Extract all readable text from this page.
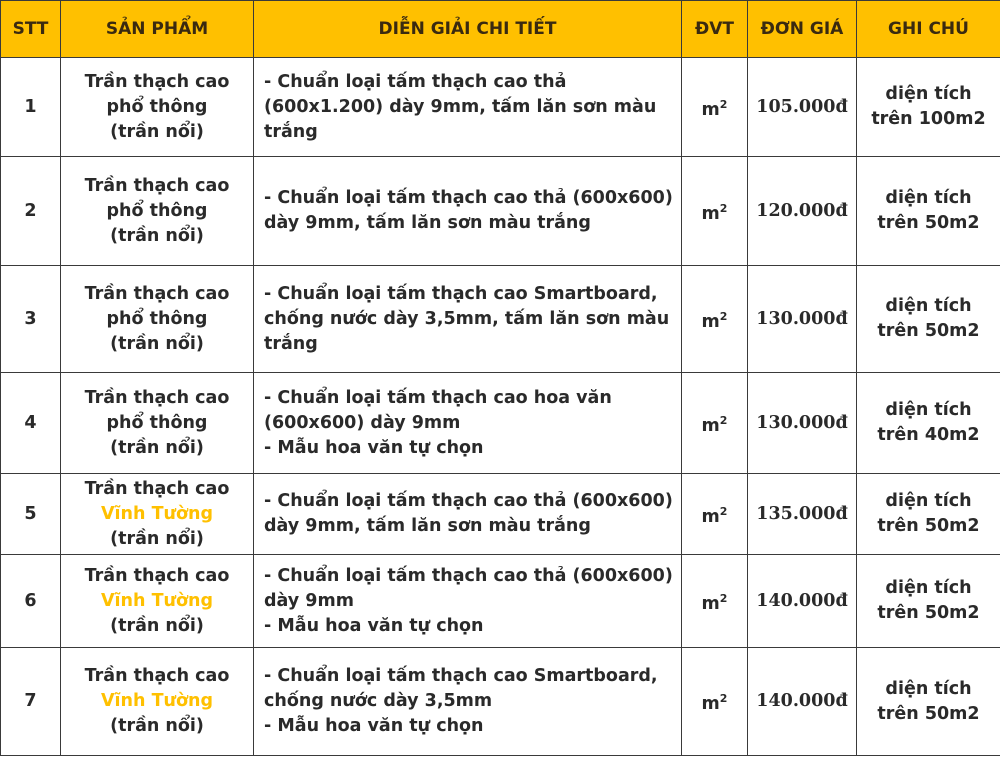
STT	SẢN PHẨM	DIỄN GIẢI CHI TIẾT	ĐVT	ĐƠN GIÁ	GHI CHÚ
1	Trần thạch cao
phổ thông
(trần nổi)	- Chuẩn loại tấm thạch cao thả (600x1.200) dày 9mm, tấm lăn sơn màu trắng	$m^2$	105.000đ	diện tích
trên 100m2

2	Trần thạch cao
phổ thông
(trần nổi)	- Chuẩn loại tấm thạch cao thả (600x600) dày 9mm, tấm lăn sơn màu trắng	$m^2$	120.000đ	diện tích
trên 50m2

3	Trần thạch cao
phổ thông
(trần nổi)	- Chuẩn loại tấm thạch cao Smartboard, chống nước dày 3,5mm, tấm lăn sơn màu trắng	$m^2$	130.000đ	diện tích
trên 50m2

4	Trần thạch cao
phổ thông
(trần nổi)	- Chuẩn loại tấm thạch cao hoa văn (600x600) dày 9mm
- Mẫu hoa văn tự chọn	$m^2$	130.000đ	diện tích
trên 40m2

5	Trần thạch cao
Vĩnh Tường
(trần nổi)	- Chuẩn loại tấm thạch cao thả (600x600) dày 9mm, tấm lăn sơn màu trắng	$m^2$	135.000đ	diện tích
trên 50m2

6	Trần thạch cao
Vĩnh Tường
(trần nổi)	- Chuẩn loại tấm thạch cao thả (600x600) dày 9mm
- Mẫu hoa văn tự chọn	$m^2$	140.000đ	diện tích
trên 50m2

7	Trần thạch cao
Vĩnh Tường
(trần nổi)	- Chuẩn loại tấm thạch cao Smartboard, chống nước dày 3,5mm
- Mẫu hoa văn tự chọn	$m^2$	140.000đ	diện tích
trên 50m2
